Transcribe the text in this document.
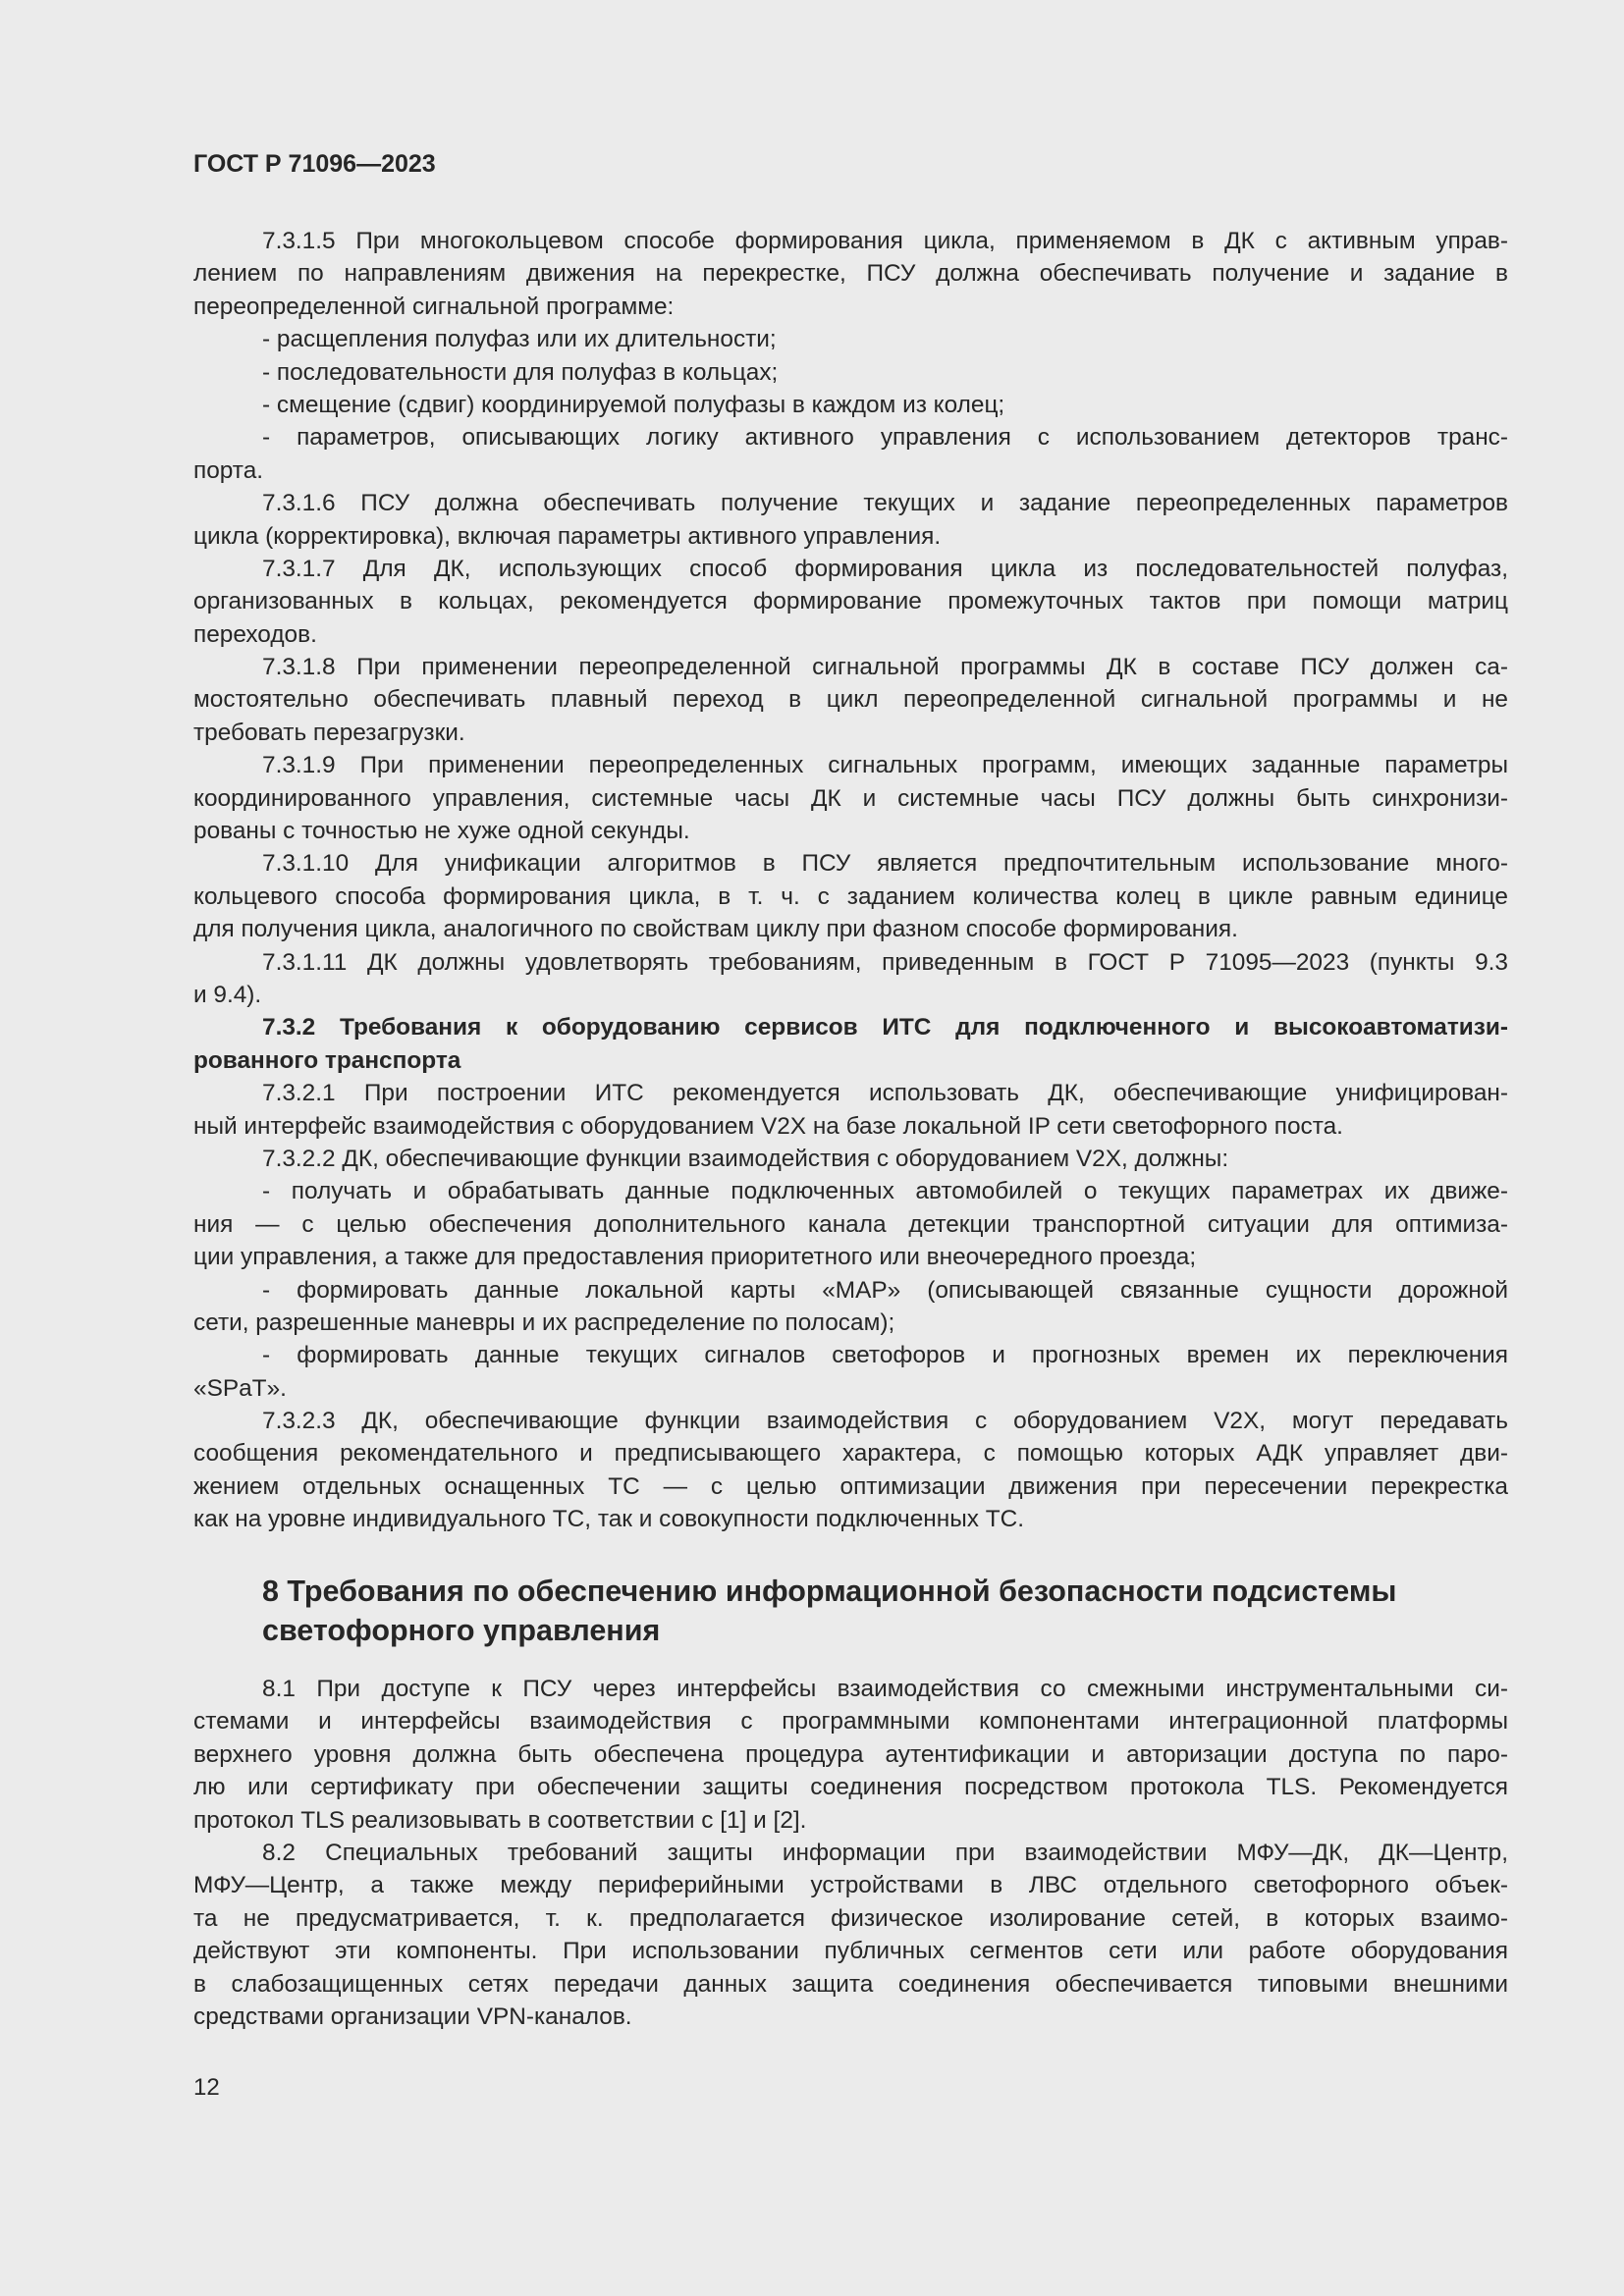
ГОСТ Р 71096—2023
7.3.1.5 При многокольцевом способе формирования цикла, применяемом в ДК с активным управ-
лением по направлениям движения на перекрестке, ПСУ должна обеспечивать получение и задание в
переопределенной сигнальной программе:
- расщепления полуфаз или их длительности;
- последовательности для полуфаз в кольцах;
- смещение (сдвиг) координируемой полуфазы в каждом из колец;
- параметров, описывающих логику активного управления с использованием детекторов транс-
порта.
7.3.1.6 ПСУ должна обеспечивать получение текущих и задание переопределенных параметров
цикла (корректировка), включая параметры активного управления.
7.3.1.7 Для ДК, использующих способ формирования цикла из последовательностей полуфаз,
организованных в кольцах, рекомендуется формирование промежуточных тактов при помощи матриц
переходов.
7.3.1.8 При применении переопределенной сигнальной программы ДК в составе ПСУ должен са-
мостоятельно обеспечивать плавный переход в цикл переопределенной сигнальной программы и не
требовать перезагрузки.
7.3.1.9 При применении переопределенных сигнальных программ, имеющих заданные параметры
координированного управления, системные часы ДК и системные часы ПСУ должны быть синхронизи-
рованы с точностью не хуже одной секунды.
7.3.1.10 Для унификации алгоритмов в ПСУ является предпочтительным использование много-
кольцевого способа формирования цикла, в т. ч. с заданием количества колец в цикле равным единице
для получения цикла, аналогичного по свойствам циклу при фазном способе формирования.
7.3.1.11 ДК должны удовлетворять требованиям, приведенным в ГОСТ Р 71095—2023 (пункты 9.3
и 9.4).
7.3.2 Требования к оборудованию сервисов ИТС для подключенного и высокоавтоматизи-
рованного транспорта
7.3.2.1 При построении ИТС рекомендуется использовать ДК, обеспечивающие унифицирован-
ный интерфейс взаимодействия с оборудованием V2X на базе локальной IP сети светофорного поста.
7.3.2.2 ДК, обеспечивающие функции взаимодействия с оборудованием V2X, должны:
- получать и обрабатывать данные подключенных автомобилей о текущих параметрах их движе-
ния — с целью обеспечения дополнительного канала детекции транспортной ситуации для оптимиза-
ции управления, а также для предоставления приоритетного или внеочередного проезда;
- формировать данные локальной карты «MAP» (описывающей связанные сущности дорожной
сети, разрешенные маневры и их распределение по полосам);
- формировать данные текущих сигналов светофоров и прогнозных времен их переключения
«SPaT».
7.3.2.3 ДК, обеспечивающие функции взаимодействия с оборудованием V2X, могут передавать
сообщения рекомендательного и предписывающего характера, с помощью которых АДК управляет дви-
жением отдельных оснащенных ТС — с целью оптимизации движения при пересечении перекрестка
как на уровне индивидуального ТС, так и совокупности подключенных ТС.
8 Требования по обеспечению информационной безопасности подсистемы
светофорного управления
8.1 При доступе к ПСУ через интерфейсы взаимодействия со смежными инструментальными си-
стемами и интерфейсы взаимодействия с программными компонентами интеграционной платформы
верхнего уровня должна быть обеспечена процедура аутентификации и авторизации доступа по паро-
лю или сертификату при обеспечении защиты соединения посредством протокола TLS. Рекомендуется
протокол TLS реализовывать в соответствии с [1] и [2].
8.2 Специальных требований защиты информации при взаимодействии МФУ—ДК, ДК—Центр,
МФУ—Центр, а также между периферийными устройствами в ЛВС отдельного светофорного объек-
та не предусматривается, т. к. предполагается физическое изолирование сетей, в которых взаимо-
действуют эти компоненты. При использовании публичных сегментов сети или работе оборудования
в слабозащищенных сетях передачи данных защита соединения обеспечивается типовыми внешними
средствами организации VPN-каналов.
12
